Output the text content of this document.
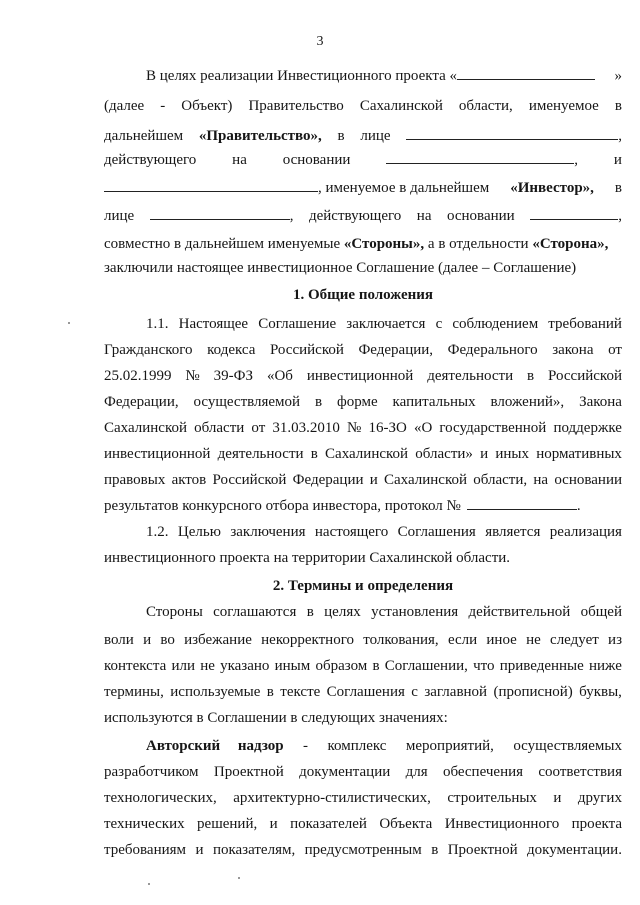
3
В целях реализации Инвестиционного проекта «	»
(далее - Объект) Правительство Сахалинской области, именуемое в
дальнейшем «Правительство», в лице	,
действующего на основании	, и
, именуемое в дальнейшем «Инвестор», в
лице	, действующего на основании	,
совместно в дальнейшем именуемые
«Стороны»,
а в отдельности
«Сторона»,
заключили настоящее инвестиционное Соглашение (далее – Соглашение)
1. Общие положения
1.1. Настоящее Соглашение заключается с соблюдением требований
Гражданского кодекса Российской Федерации, Федерального закона от
25.02.1999 № 39-ФЗ «Об инвестиционной деятельности в Российской
Федерации, осуществляемой в форме капитальных вложений», Закона
Сахалинской области от 31.03.2010 № 16-ЗО «О государственной поддержке
инвестиционной деятельности в Сахалинской области» и иных нормативных
правовых актов Российской Федерации и Сахалинской области, на основании
результатов конкурсного отбора инвестора, протокол №	.
1.2. Целью заключения настоящего Соглашения является реализация
инвестиционного проекта на территории Сахалинской области.
2. Термины и определения
Стороны соглашаются в целях установления действительной общей
воли и во избежание некорректного толкования, если иное не следует из
контекста или не указано иным образом в Соглашении, что приведенные ниже
термины, используемые в тексте Соглашения с заглавной (прописной) буквы,
используются в Соглашении в следующих значениях:
Авторский надзор - комплекс мероприятий, осуществляемых
разработчиком Проектной документации для обеспечения соответствия
технологических, архитектурно-стилистических, строительных и других
технических решений, и показателей Объекта Инвестиционного проекта
требованиям и показателям, предусмотренным в Проектной документации.
